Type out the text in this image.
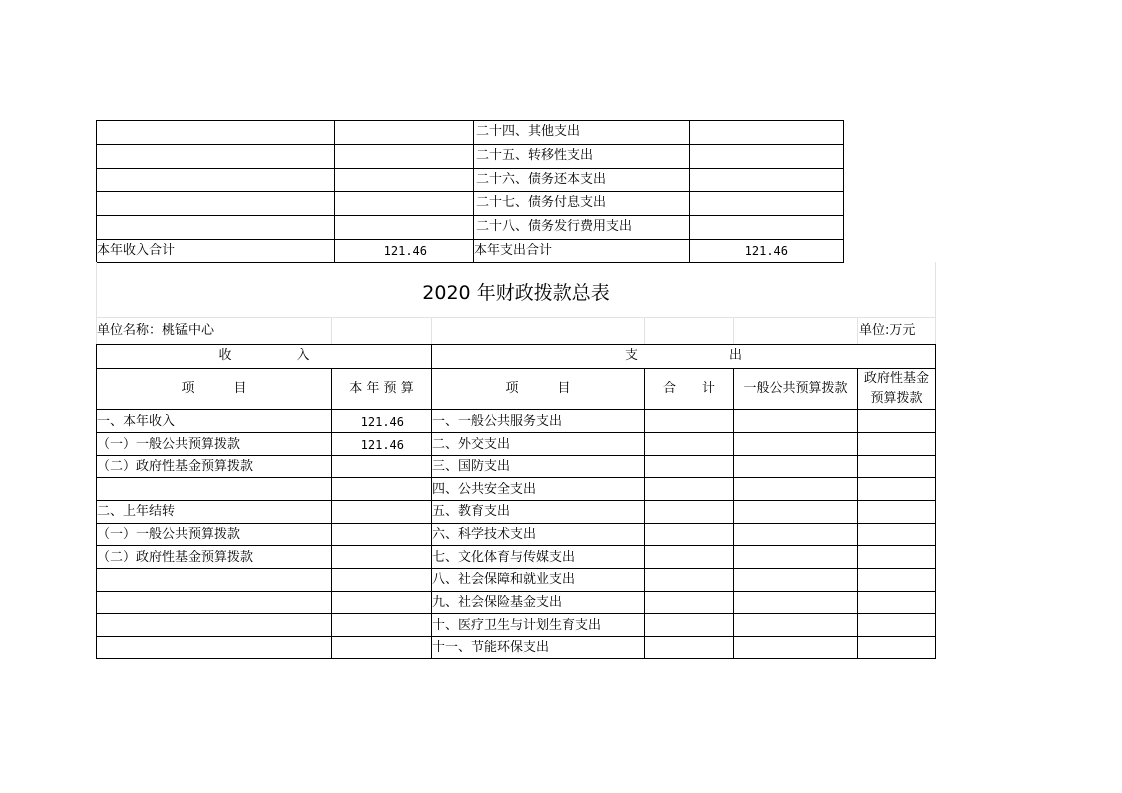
二十四、其他支出
二十五、转移性支出
二十六、债务还本支出
二十七、债务付息支出
二十八、债务发行费用支出
本年收入合计	121.46	本年支出合计	121.46
2020 年财政拨款总表
单位名称：桃锰中心	单位:万元
收　　　　　入	支　　　　　　　出
项　　　目	本 年 预 算	项　　　目	合　　计	一般公共预算拨款
政府性基金
预算拨款
一、本年收入	121.46 一、一般公共服务支出
（一）一般公共预算拨款	121.46 二、外交支出
（二）政府性基金预算拨款	三、国防支出
四、公共安全支出
二、上年结转	五、教育支出
（一）一般公共预算拨款	六、科学技术支出
（二）政府性基金预算拨款	七、文化体育与传媒支出
八、社会保障和就业支出
九、社会保险基金支出
十、医疗卫生与计划生育支出
十一、节能环保支出
